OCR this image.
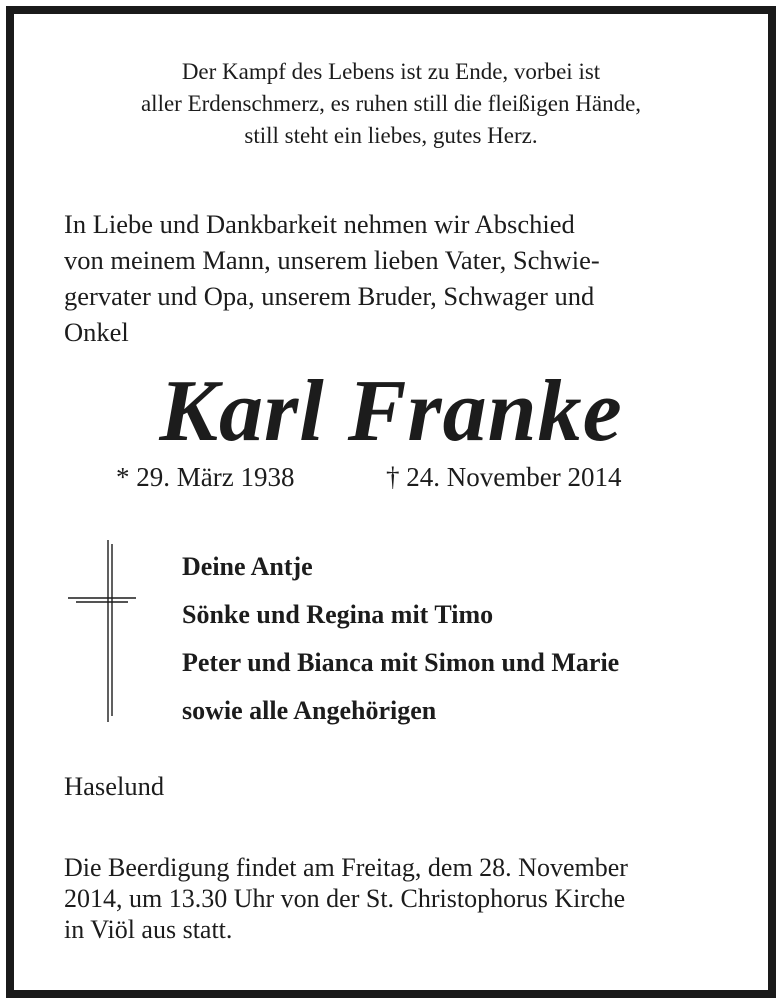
Der Kampf des Lebens ist zu Ende, vorbei ist
aller Erdenschmerz, es ruhen still die fleißigen Hände,
still steht ein liebes, gutes Herz.
In Liebe und Dankbarkeit nehmen wir Abschied
von meinem Mann, unserem lieben Vater, Schwie-
gervater und Opa, unserem Bruder, Schwager und
Onkel
Karl Franke
* 29. März 1938	† 24. November 2014
Deine Antje
Sönke und Regina mit Timo
Peter und Bianca mit Simon und Marie
sowie alle Angehörigen
Haselund
Die Beerdigung findet am Freitag, dem 28. November
2014, um 13.30 Uhr von der St. Christophorus Kirche
in Viöl aus statt.
